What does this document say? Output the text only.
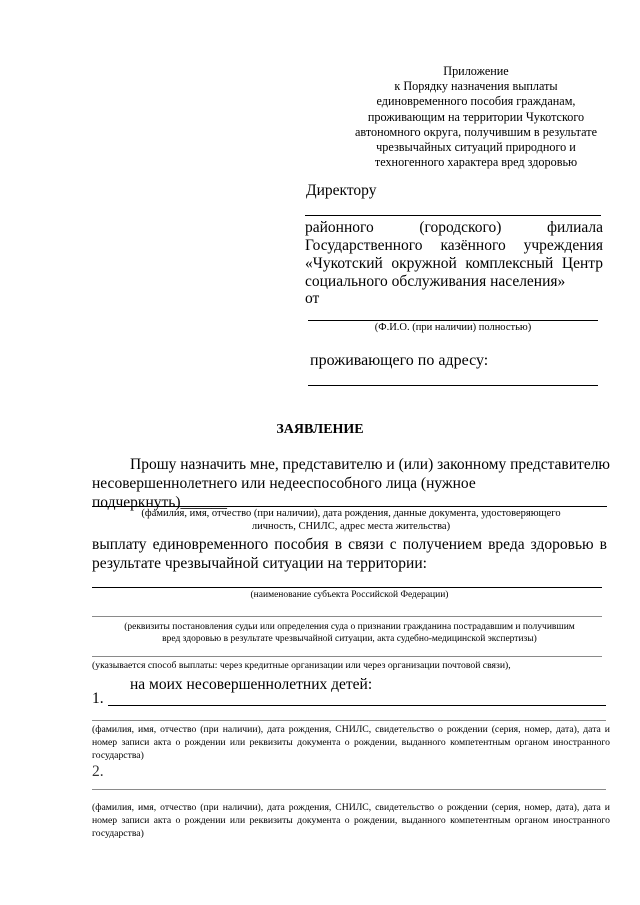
Приложение
к Порядку назначения выплаты
единовременного пособия гражданам,
проживающим на территории Чукотского
автономного округа, получившим в результате
чрезвычайных ситуаций природного и
техногенного характера вред здоровью
Директору
районного	(городского)	филиала
Государственного казённого учреждения
«Чукотский окружной комплексный Центр
социального обслуживания населения»
от
(Ф.И.О. (при наличии) полностью)
проживающего по адресу:
ЗАЯВЛЕНИЕ
Прошу назначить мне, представителю и (или) законному представителю несовершеннолетнего или недееспособного лица (нужное подчеркнуть)______
(фамилия, имя, отчество (при наличии), дата рождения, данные документа, удостоверяющего
личность, СНИЛС, адрес места жительства)
выплату единовременного пособия в связи с получением вреда здоровью в результате чрезвычайной ситуации на территории:
(наименование субъекта Российской Федерации)
(реквизиты постановления судьи или определения суда о признании гражданина пострадавшим и получившим
вред здоровью в результате чрезвычайной ситуации, акта судебно-медицинской экспертизы)
(указывается способ выплаты: через кредитные организации или через организации почтовой связи),
на моих несовершеннолетних детей:
1.
(фамилия, имя, отчество (при наличии), дата рождения, СНИЛС, свидетельство о рождении (серия, номер, дата), дата и номер записи акта о рождении или реквизиты документа о рождении, выданного компетентным органом иностранного государства)
2.
(фамилия, имя, отчество (при наличии), дата рождения, СНИЛС, свидетельство о рождении (серия, номер, дата), дата и номер записи акта о рождении или реквизиты документа о рождении, выданного компетентным органом иностранного государства)
